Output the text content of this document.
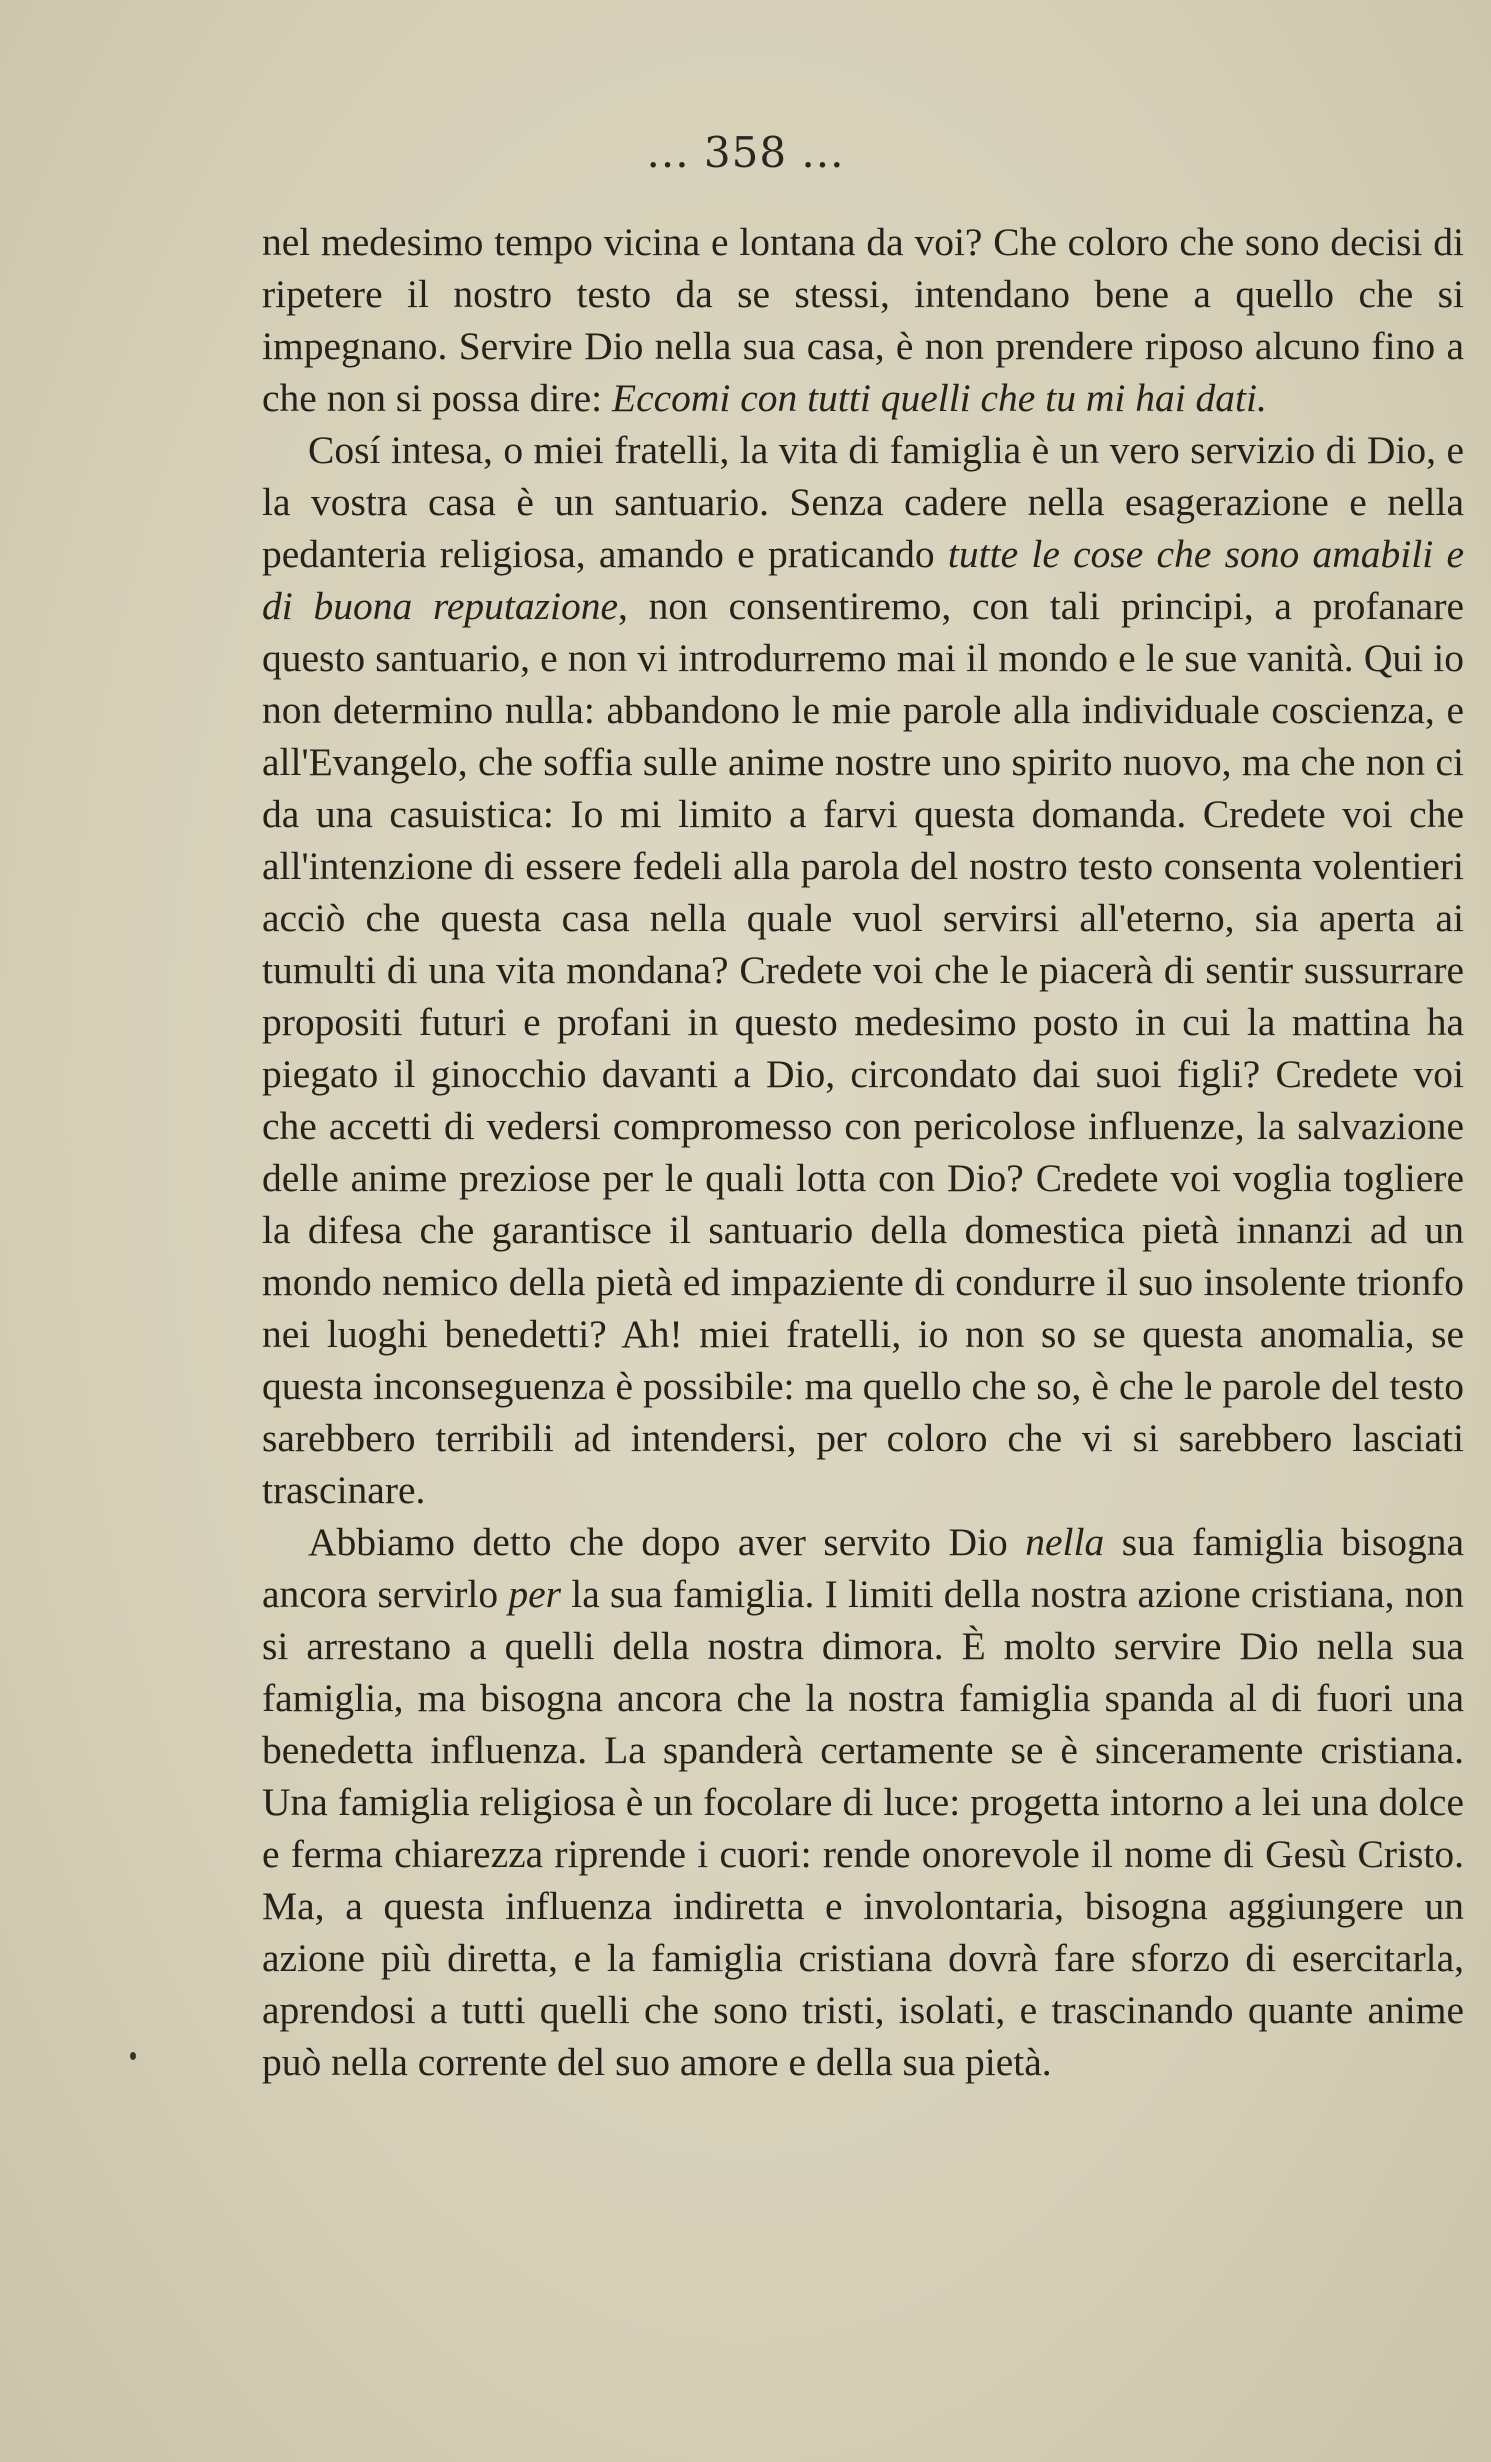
... 358 ...

nel medesimo tempo vicina e lontana da voi? Che coloro che sono decisi di ripetere il nostro testo da se stessi, intendano bene a quello che si impegnano. Servire Dio nella sua casa, è non prendere riposo alcuno fino a che non si possa dire: Eccomi con tutti quelli che tu mi hai dati.

Cosí intesa, o miei fratelli, la vita di famiglia è un vero servizio di Dio, e la vostra casa è un santuario. Senza cadere nella esagerazione e nella pedanteria religiosa, amando e praticando tutte le cose che sono amabili e di buona reputazione, non consentiremo, con tali principi, a profanare questo santuario, e non vi introdurremo mai il mondo e le sue vanità. Qui io non determino nulla: abbandono le mie parole alla individuale coscienza, e all'Evangelo, che soffia sulle anime nostre uno spirito nuovo, ma che non ci da una casuistica: Io mi limito a farvi questa domanda. Credete voi che all'intenzione di essere fedeli alla parola del nostro testo consenta volentieri acciò che questa casa nella quale vuol servirsi all'eterno, sia aperta ai tumulti di una vita mondana? Credete voi che le piacerà di sentir sussurrare propositi futuri e profani in questo medesimo posto in cui la mattina ha piegato il ginocchio davanti a Dio, circondato dai suoi figli? Credete voi che accetti di vedersi compromesso con pericolose influenze, la salvazione delle anime preziose per le quali lotta con Dio? Credete voi voglia togliere la difesa che garantisce il santuario della domestica pietà innanzi ad un mondo nemico della pietà ed impaziente di condurre il suo insolente trionfo nei luoghi benedetti? Ah! miei fratelli, io non so se questa anomalia, se questa inconseguenza è possibile: ma quello che so, è che le parole del testo sarebbero terribili ad intendersi, per coloro che vi si sarebbero lasciati trascinare.

Abbiamo detto che dopo aver servito Dio nella sua famiglia bisogna ancora servirlo per la sua famiglia. I limiti della nostra azione cristiana, non si arrestano a quelli della nostra dimora. È molto servire Dio nella sua famiglia, ma bisogna ancora che la nostra famiglia spanda al di fuori una benedetta influenza. La spanderà certamente se è sinceramente cristiana. Una famiglia religiosa è un focolare di luce: progetta intorno a lei una dolce e ferma chiarezza riprende i cuori: rende onorevole il nome di Gesù Cristo. Ma, a questa influenza indiretta e involontaria, bisogna aggiungere un azione più diretta, e la famiglia cristiana dovrà fare sforzo di esercitarla, aprendosi a tutti quelli che sono tristi, isolati, e trascinando quante anime può nella corrente del suo amore e della sua pietà.
